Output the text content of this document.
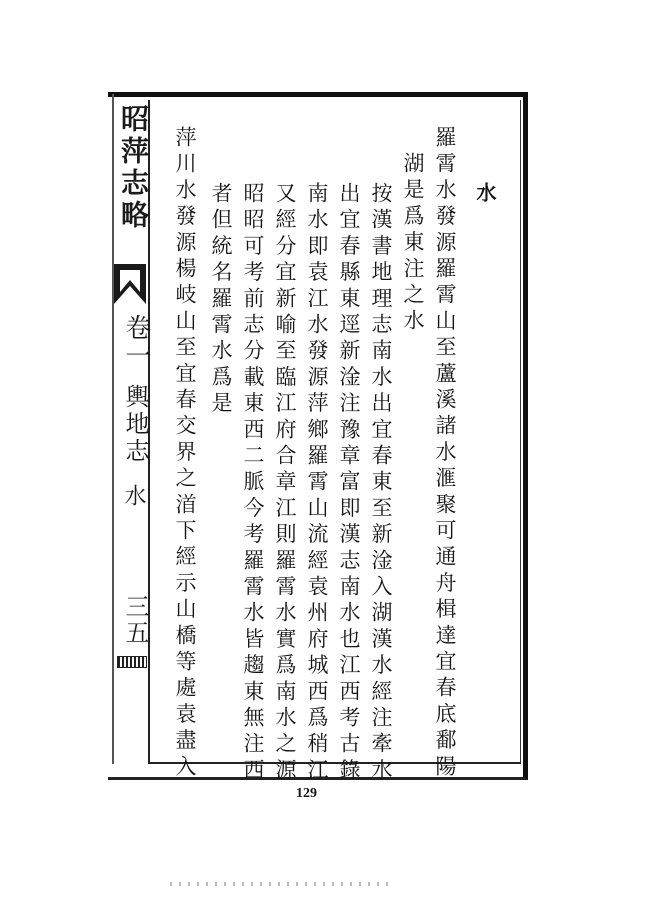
昭萍志略
卷一
輿地志
水
三五
水
羅霄水發源羅霄山至蘆溪諸水滙聚可通舟楫達宜春底鄱陽
湖是爲東注之水
按漢書地理志南水出宜春東至新淦入湖漢水經注牽水
出宜春縣東逕新淦注豫章富即漢志南水也江西考古錄
南水即袁江水發源萍鄉羅霄山流經袁州府城西爲稍江
又經分宜新喻至臨江府合章江則羅霄水實爲南水之源
昭昭可考前志分載東西二脈今考羅霄水皆趨東無注西
者但統名羅霄水爲是
萍川水發源楊岐山至宜春交界之渞下經示山橋等處袁盡入
129
